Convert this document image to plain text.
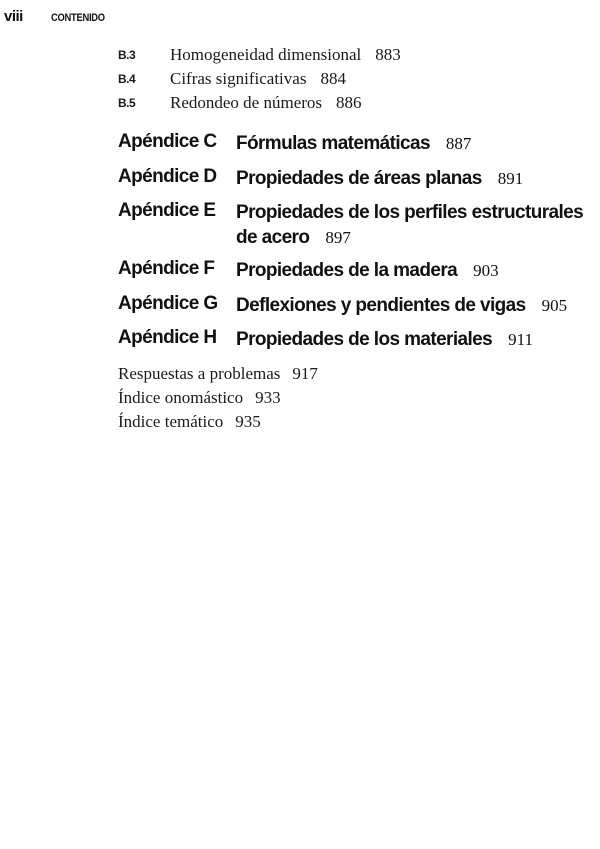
viii	CONTENIDO
B.3 Homogeneidad dimensional 883
B.4 Cifras significativas 884
B.5 Redondeo de números 886
Apéndice C Fórmulas matemáticas 887
Apéndice D Propiedades de áreas planas 891
Apéndice E Propiedades de los perfiles estructurales
de acero 897
Apéndice F Propiedades de la madera 903
Apéndice G Deflexiones y pendientes de vigas 905
Apéndice H Propiedades de los materiales 911
Respuestas a problemas 917
Índice onomástico 933
Índice temático 935
